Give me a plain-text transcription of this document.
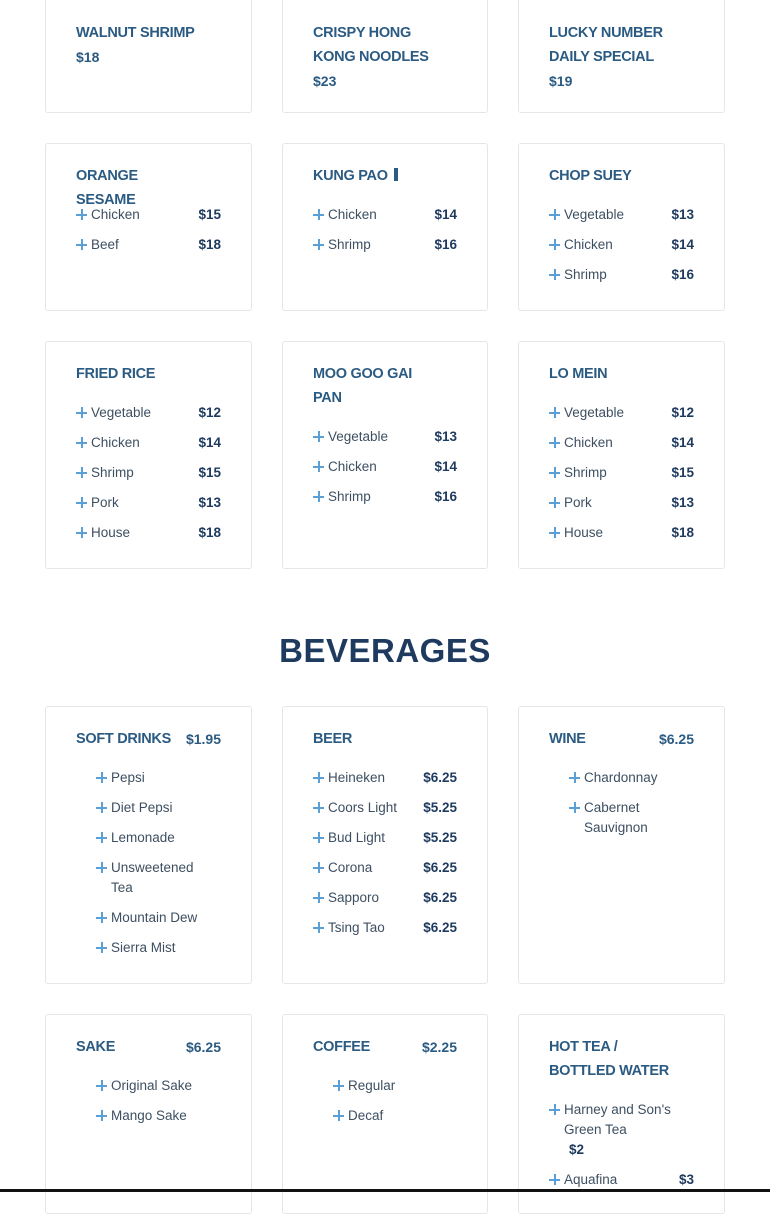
WALNUT SHRIMP
$18
CRISPY HONG KONG NOODLES
$23
LUCKY NUMBER DAILY SPECIAL
$19
ORANGE SESAME
Chicken	$15
Beef	$18
KUNG PAO
Chicken	$14
Shrimp	$16
CHOP SUEY
Vegetable	$13
Chicken	$14
Shrimp	$16
FRIED RICE
Vegetable	$12
Chicken	$14
Shrimp	$15
Pork	$13
House	$18
MOO GOO GAI PAN
Vegetable	$13
Chicken	$14
Shrimp	$16
LO MEIN
Vegetable	$12
Chicken	$14
Shrimp	$15
Pork	$13
House	$18
BEVERAGES
SOFT DRINKS	$1.95
Pepsi
Diet Pepsi
Lemonade
Unsweetened Tea
Mountain Dew
Sierra Mist
BEER
Heineken	$6.25
Coors Light $5.25
Bud Light	$5.25
Corona	$6.25
Sapporo	$6.25
Tsing Tao	$6.25
WINE	$6.25
Chardonnay
Cabernet Sauvignon
SAKE	$6.25
Original Sake
Mango Sake
COFFEE	$2.25
Regular
Decaf
HOT TEA / BOTTLED WATER
Harney and Son's Green Tea
$2
Aquafina	$3
